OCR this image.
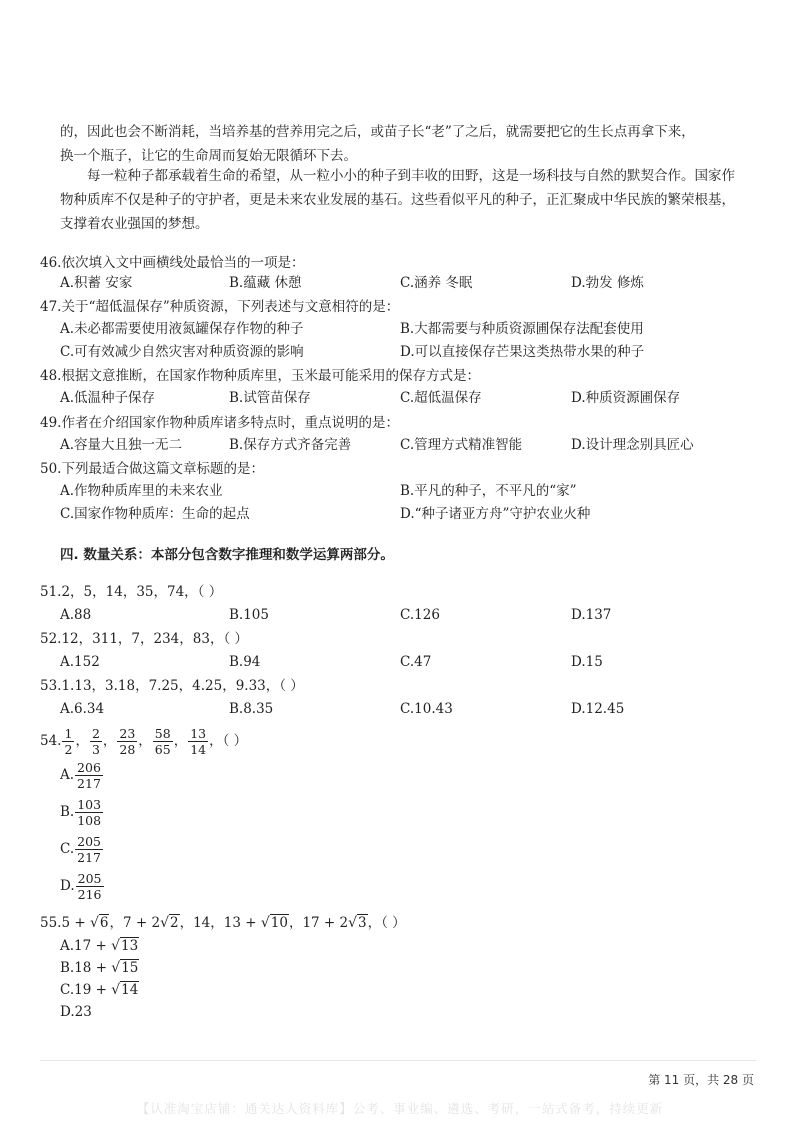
的，因此也会不断消耗，当培养基的营养用完之后，或苗子长“老”了之后，就需要把它的生长点再拿下来，

换一个瓶子，让它的生命周而复始无限循环下去。

每一粒种子都承载着生命的希望，从一粒小小的种子到丰收的田野，这是一场科技与自然的默契合作。国家作物种质库不仅是种子的守护者，更是未来农业发展的基石。这些看似平凡的种子，正汇聚成中华民族的繁荣根基，支撑着农业强国的梦想。

46.依次填入文中画横线处最恰当的一项是：
A.积蓄 安家	B.蕴藏 休憩	C.涵养 冬眠	D.勃发 修炼
47.关于“超低温保存”种质资源，下列表述与文意相符的是：
A.未必都需要使用液氮罐保存作物的种子	B.大都需要与种质资源圃保存法配套使用
C.可有效减少自然灾害对种质资源的影响	D.可以直接保存芒果这类热带水果的种子
48.根据文意推断，在国家作物种质库里，玉米最可能采用的保存方式是：
A.低温种子保存	B.试管苗保存	C.超低温保存	D.种质资源圃保存
49.作者在介绍国家作物种质库诸多特点时，重点说明的是：
A.容量大且独一无二	B.保存方式齐备完善	C.管理方式精准智能	D.设计理念别具匠心
50.下列最适合做这篇文章标题的是：
A.作物种质库里的未来农业	B.平凡的种子，不平凡的“家”
C.国家作物种质库：生命的起点	D.“种子诸亚方舟”守护农业火种
四. 数量关系：本部分包含数字推理和数学运算两部分。
51.2，5，14，35，74，（ ）
A.88	B.105	C.126	D.137
52.12，311，7，234，83，（ ）
A.152	B.94	C.47	D.15
53.1.13，3.18，7.25，4.25，9.33，（ ）
A.6.34	B.8.35	C.10.43	D.12.45
54. $\frac{1}{2}$ ， $\frac{2}{3}$ ， $\frac{23}{28}$ ， $\frac{58}{65}$ ， $\frac{13}{14}$ ，（ ）
A. $\frac{206}{217}$
B. $\frac{103}{108}$
C. $\frac{205}{217}$
D. $\frac{205}{216}$
55.5 + √6，7 + 2√2，14，13 + √10，17 + 2√3，（ ）
A.17 + √13
B.18 + √15
C.19 + √14
D.23
第 11 页，共 28 页
【认准淘宝店铺：通关达人资料库】公考、事业编、遴选、考研，一站式备考，持续更新
